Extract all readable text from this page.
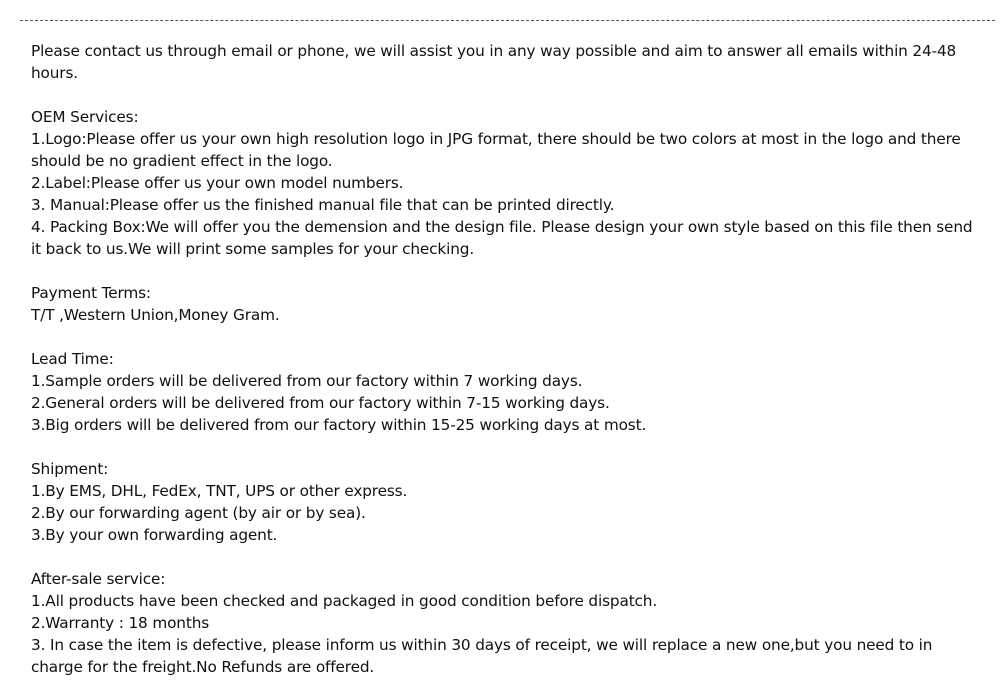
Please contact us through email or phone, we will assist you in any way possible and aim to answer all emails within 24-48 hours.

OEM Services:
1.Logo:Please offer us your own high resolution logo in JPG format, there should be two colors at most in the logo and there should be no gradient effect in the logo.
2.Label:Please offer us your own model numbers.
3. Manual:Please offer us the finished manual file that can be printed directly.
4. Packing Box:We will offer you the demension and the design file. Please design your own style based on this file then send it back to us.We will print some samples for your checking.
Payment Terms:
T/T ,Western Union,Money Gram.
Lead Time:
1.Sample orders will be delivered from our factory within 7 working days.
2.General orders will be delivered from our factory within 7-15 working days.
3.Big orders will be delivered from our factory within 15-25 working days at most.
Shipment:
1.By EMS, DHL, FedEx, TNT, UPS or other express.
2.By our forwarding agent (by air or by sea).
3.By your own forwarding agent.
After-sale service:
1.All products have been checked and packaged in good condition before dispatch.
2.Warranty : 18 months
3. In case the item is defective, please inform us within 30 days of receipt, we will replace a new one,but you need to in charge for the freight.No Refunds are offered.
